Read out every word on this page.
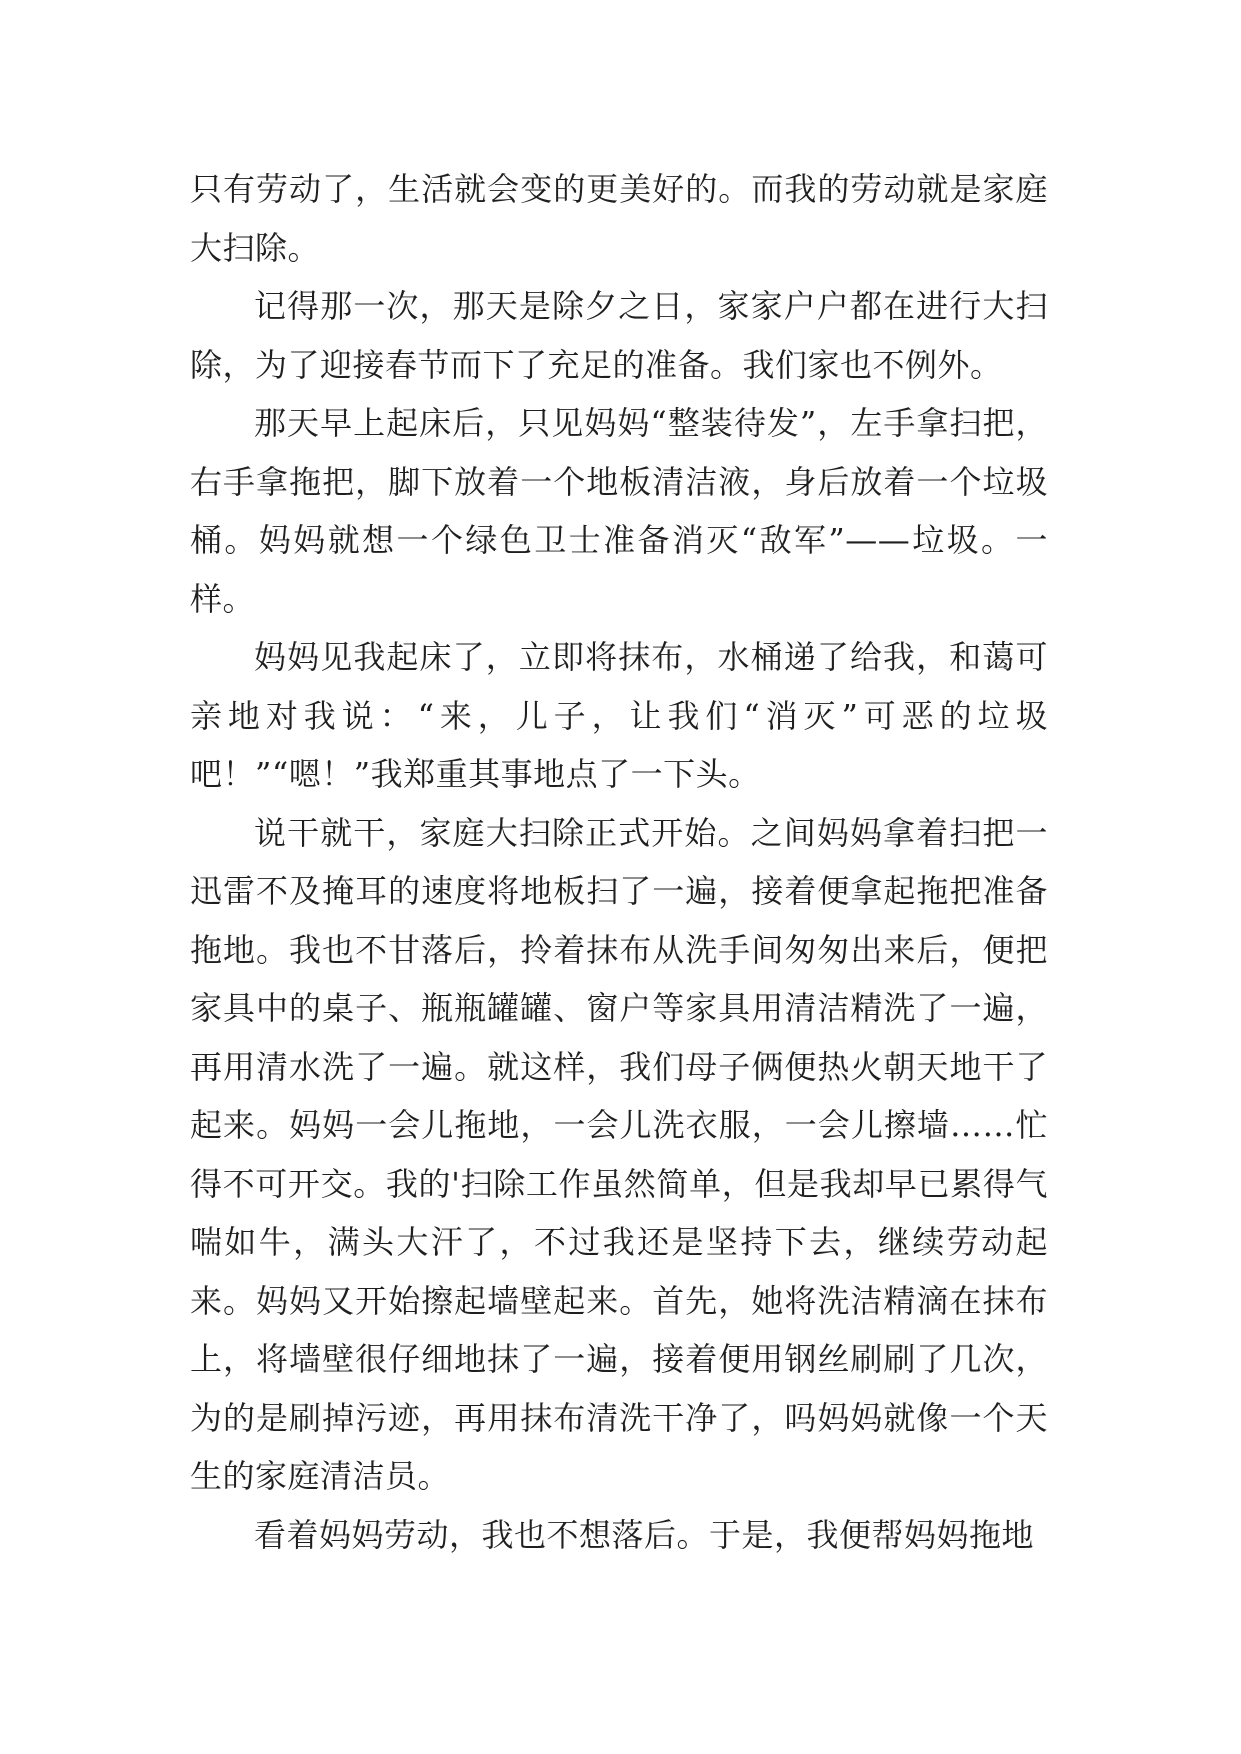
只有劳动了，生活就会变的更美好的。而我的劳动就是家庭大扫除。

记得那一次，那天是除夕之日，家家户户都在进行大扫除，为了迎接春节而下了充足的准备。我们家也不例外。

那天早上起床后，只见妈妈“整装待发”，左手拿扫把，右手拿拖把，脚下放着一个地板清洁液，身后放着一个垃圾桶。妈妈就想一个绿色卫士准备消灭“敌军”——垃圾。一样。

妈妈见我起床了，立即将抹布，水桶递了给我，和蔼可亲地对我说：“来，儿子，让我们“消灭”可恶的垃圾吧！”“嗯！”我郑重其事地点了一下头。

说干就干，家庭大扫除正式开始。之间妈妈拿着扫把一迅雷不及掩耳的速度将地板扫了一遍，接着便拿起拖把准备拖地。我也不甘落后，拎着抹布从洗手间匆匆出来后，便把家具中的桌子、瓶瓶罐罐、窗户等家具用清洁精洗了一遍，再用清水洗了一遍。就这样，我们母子俩便热火朝天地干了起来。妈妈一会儿拖地，一会儿洗衣服，一会儿擦墙……忙得不可开交。我的'扫除工作虽然简单，但是我却早已累得气喘如牛，满头大汗了，不过我还是坚持下去，继续劳动起来。妈妈又开始擦起墙壁起来。首先，她将洗洁精滴在抹布上，将墙壁很仔细地抹了一遍，接着便用钢丝刷刷了几次，为的是刷掉污迹，再用抹布清洗干净了，吗妈妈就像一个天生的家庭清洁员。

看着妈妈劳动，我也不想落后。于是，我便帮妈妈拖地
